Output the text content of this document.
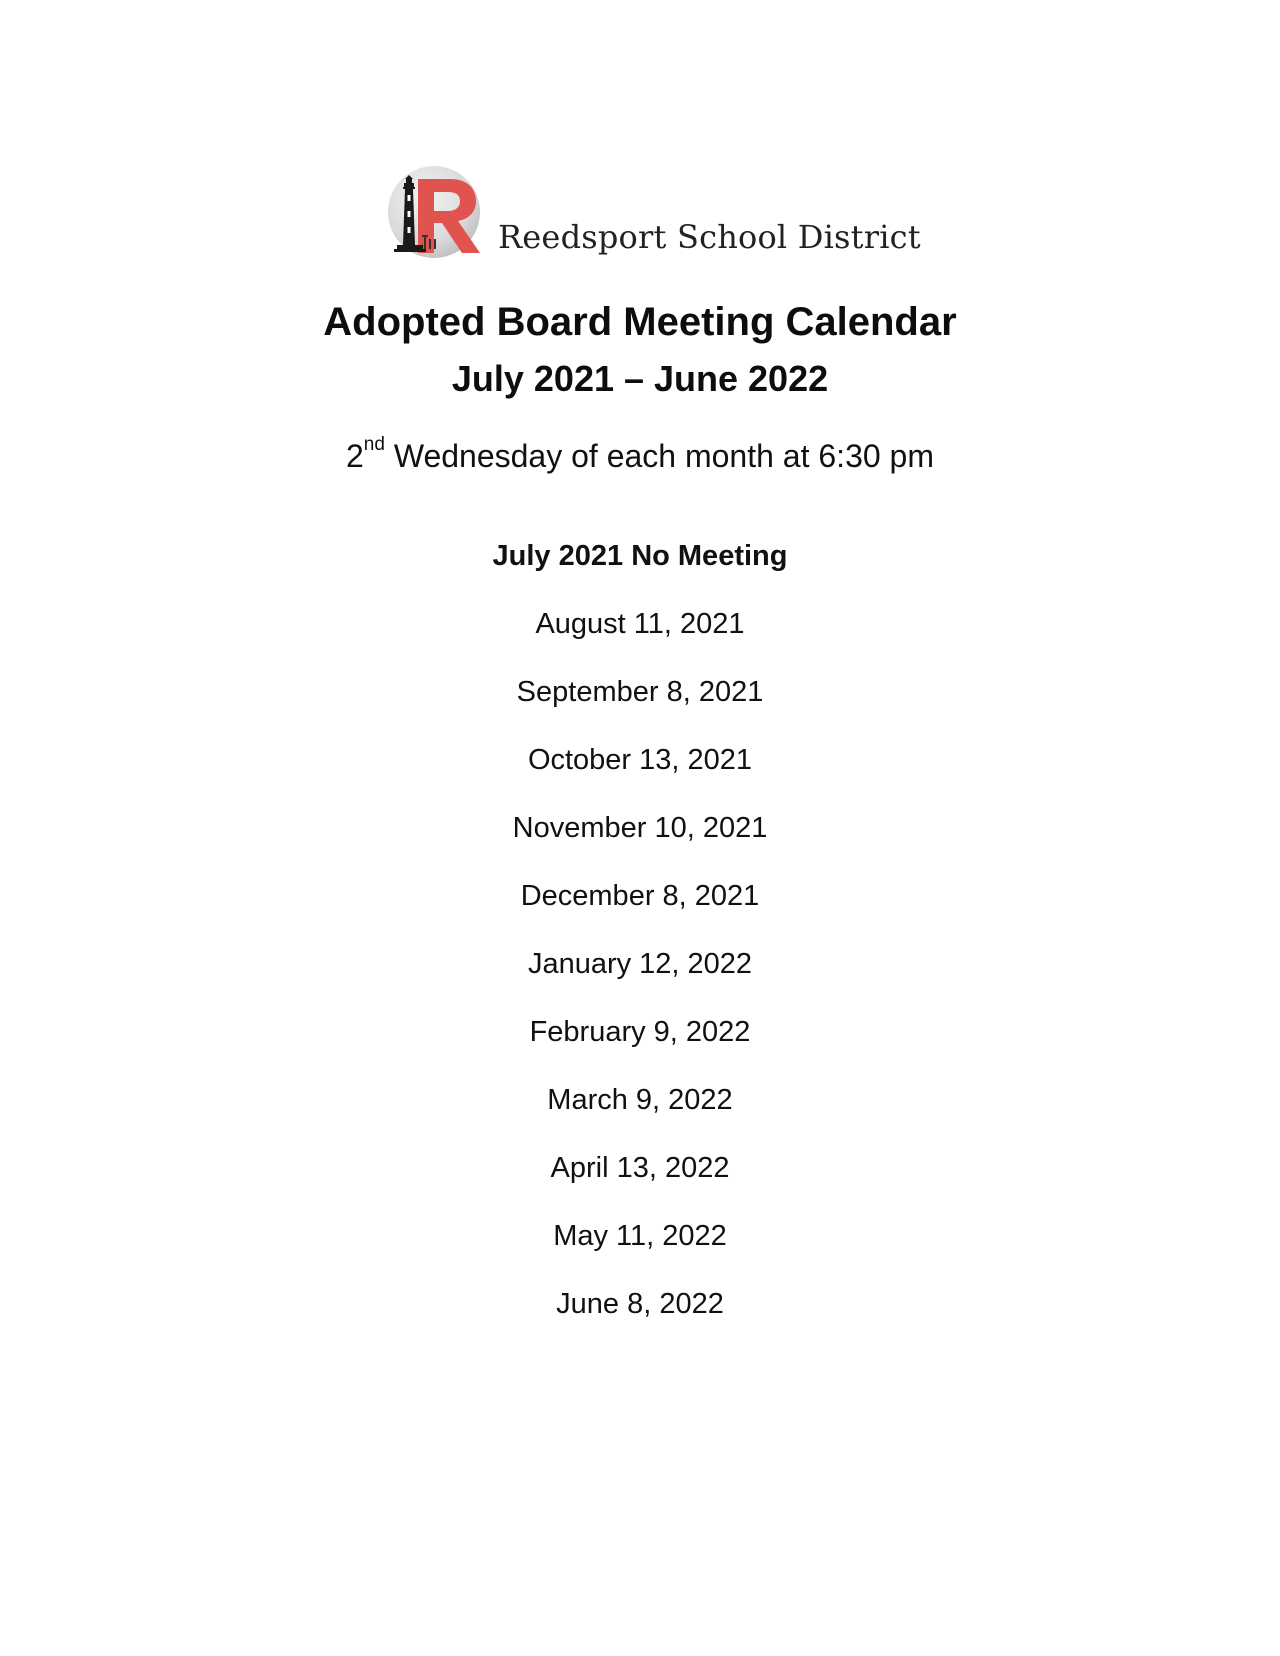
Reedsport School District
Adopted Board Meeting Calendar
July 2021 – June 2022
2nd Wednesday of each month at 6:30 pm
July 2021 No Meeting
August 11, 2021
September 8, 2021
October 13, 2021
November 10, 2021
December 8, 2021
January 12, 2022
February 9, 2022
March 9, 2022
April 13, 2022
May 11, 2022
June 8, 2022
